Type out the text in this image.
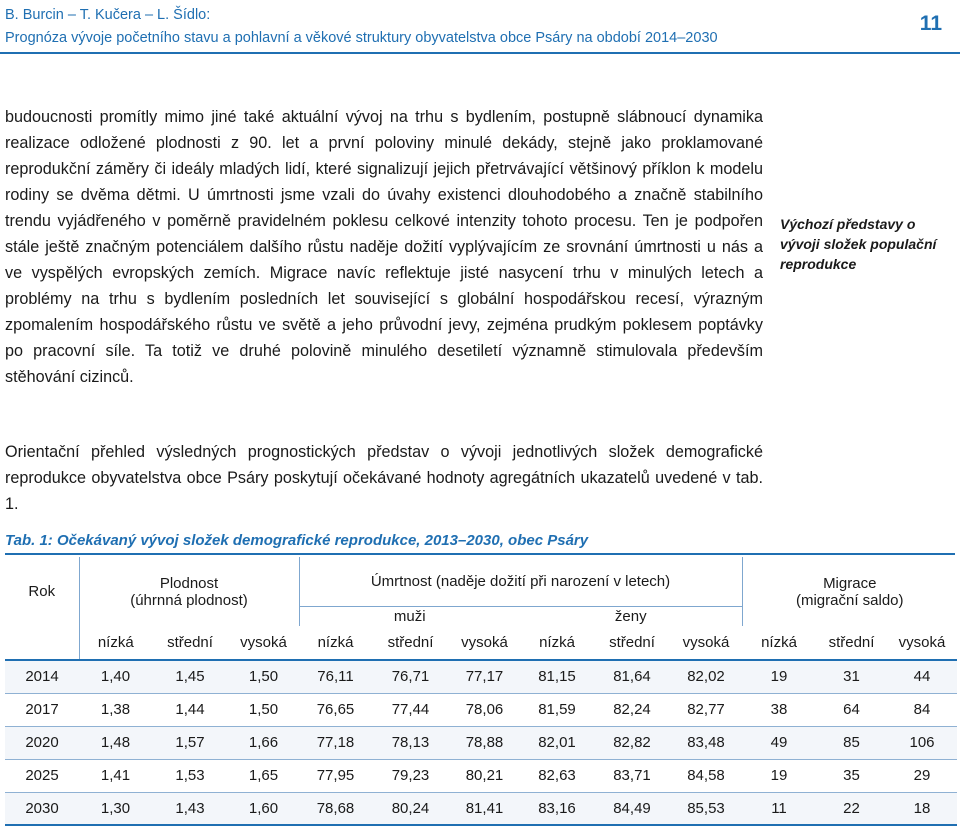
B. Burcin – T. Kučera – L. Šídlo:
Prognóza vývoje početního stavu a pohlavní a věkové struktury obyvatelstva obce Psáry na období 2014–2030
11

budoucnosti promítly mimo jiné také aktuální vývoj na trhu s bydlením, postupně slábnoucí dynamika realizace odložené plodnosti z 90. let a první poloviny minulé dekády, stejně jako proklamované reprodukční záměry či ideály mladých lidí, které signalizují jejich přetrvávající většinový příklon k modelu rodiny se dvěma dětmi. U úmrtnosti jsme vzali do úvahy existenci dlouhodobého a značně stabilního trendu vyjádřeného v poměrně pravidelném poklesu celkové intenzity tohoto procesu. Ten je podpořen stále ještě značným potenciálem dalšího růstu naděje dožití vyplývajícím ze srovnání úmrtnosti u nás a ve vyspělých evropských zemích. Migrace navíc reflektuje jisté nasycení trhu v minulých letech a problémy na trhu s bydlením posledních let související s globální hospodářskou recesí, výrazným zpomalením hospodářského růstu ve světě a jeho průvodní jevy, zejména prudkým poklesem poptávky po pracovní síle. Ta totiž ve druhé polovině minulého desetiletí významně stimulovala především stěhování cizinců.

Výchozí představy o vývoji složek populační reprodukce

Orientační přehled výsledných prognostických představ o vývoji jednotlivých složek demografické reprodukce obyvatelstva obce Psáry poskytují očekávané hodnoty agregátních ukazatelů uvedené v tab. 1.

Tab. 1: Očekávaný vývoj složek demografické reprodukce, 2013–2030, obec Psáry
Rok	Plodnost
(úhrnná plodnost)			Úmrtnost (naděje dožití při narození v letech)						Migrace
(migrační saldo)		
				muži			ženy					
	nízká	střední	vysoká	nízká	střední	vysoká	nízká	střední	vysoká	nízká	střední	vysoká
2014	1,40	1,45	1,50	76,11	76,71	77,17	81,15	81,64	82,02	19	31	44
2017	1,38	1,44	1,50	76,65	77,44	78,06	81,59	82,24	82,77	38	64	84
2020	1,48	1,57	1,66	77,18	78,13	78,88	82,01	82,82	83,48	49	85	106
2025	1,41	1,53	1,65	77,95	79,23	80,21	82,63	83,71	84,58	19	35	29
2030	1,30	1,43	1,60	78,68	80,24	81,41	83,16	84,49	85,53	11	22	18
